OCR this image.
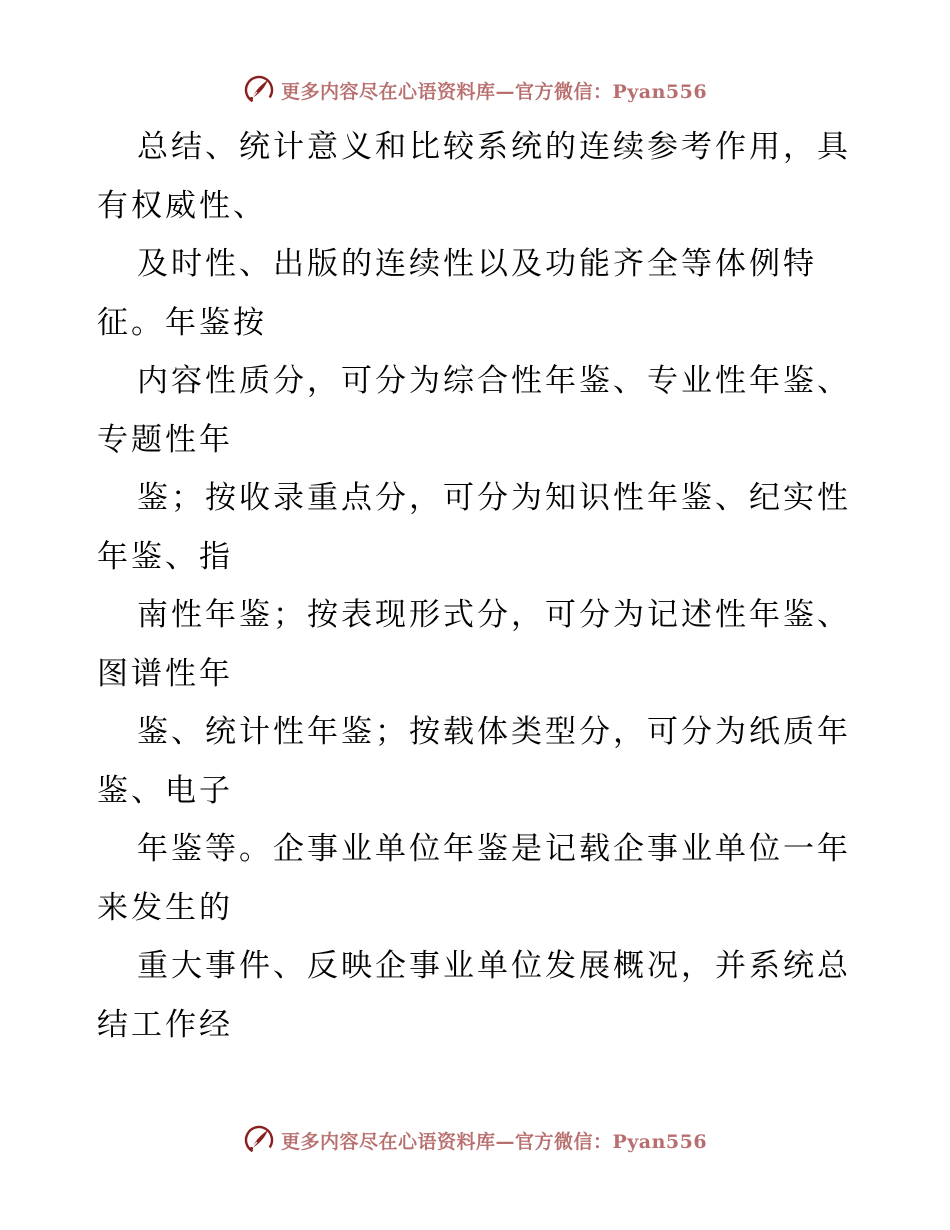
更多内容尽在心语资料库—官方微信：Pyan556
总结、统计意义和比较系统的连续参考作用，具
有权威性、
及时性、出版的连续性以及功能齐全等体例特
征。年鉴按
内容性质分，可分为综合性年鉴、专业性年鉴、
专题性年
鉴；按收录重点分，可分为知识性年鉴、纪实性
年鉴、指
南性年鉴；按表现形式分，可分为记述性年鉴、
图谱性年
鉴、统计性年鉴；按载体类型分，可分为纸质年
鉴、电子
年鉴等。企事业单位年鉴是记载企事业单位一年
来发生的
重大事件、反映企事业单位发展概况，并系统总
结工作经
更多内容尽在心语资料库—官方微信：Pyan556
